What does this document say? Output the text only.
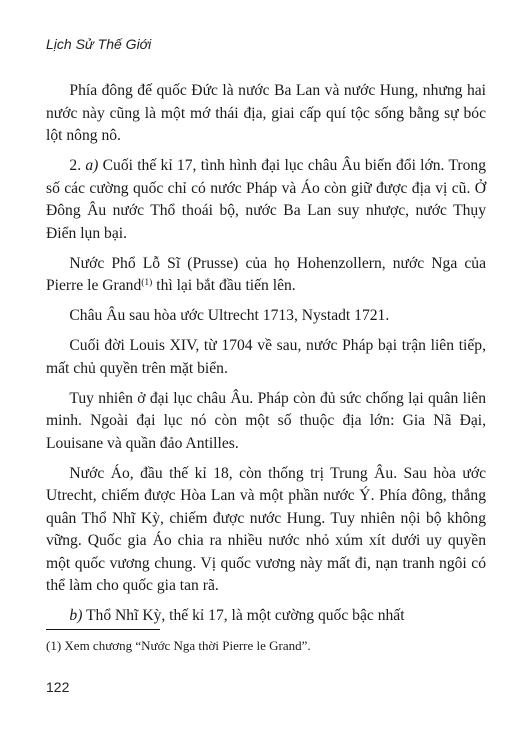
Lịch Sử Thế Giới

Phía đông đế quốc Đức là nước Ba Lan và nước Hung, nhưng hai nước này cũng là một mớ thái địa, giai cấp quí tộc sống bằng sự bóc lột nông nô.

2. a) Cuối thế kỉ 17, tình hình đại lục châu Âu biến đổi lớn. Trong số các cường quốc chỉ có nước Pháp và Áo còn giữ được địa vị cũ. Ở Đông Âu nước Thổ thoái bộ, nước Ba Lan suy nhược, nước Thụy Điển lụn bại.

Nước Phổ Lỗ Sĩ (Prusse) của họ Hohenzollern, nước Nga của Pierre le Grand$^{(1)}$ thì lại bắt đầu tiến lên.

Châu Âu sau hòa ước Ultrecht 1713, Nystadt 1721.

Cuối đời Louis XIV, từ 1704 về sau, nước Pháp bại trận liên tiếp, mất chủ quyền trên mặt biển.

Tuy nhiên ở đại lục châu Âu. Pháp còn đủ sức chống lại quân liên minh. Ngoài đại lục nó còn một số thuộc địa lớn: Gia Nã Đại, Louisane và quần đảo Antilles.

Nước Áo, đầu thế kỉ 18, còn thống trị Trung Âu. Sau hòa ước Utrecht, chiếm được Hòa Lan và một phần nước Ý. Phía đông, thắng quân Thổ Nhĩ Kỳ, chiếm được nước Hung. Tuy nhiên nội bộ không vững. Quốc gia Áo chia ra nhiều nước nhỏ xúm xít dưới uy quyền một quốc vương chung. Vị quốc vương này mất đi, nạn tranh ngôi có thể làm cho quốc gia tan rã.

b) Thổ Nhĩ Kỳ, thế kỉ 17, là một cường quốc bậc nhất

(1) Xem chương “Nước Nga thời Pierre le Grand”.
122
